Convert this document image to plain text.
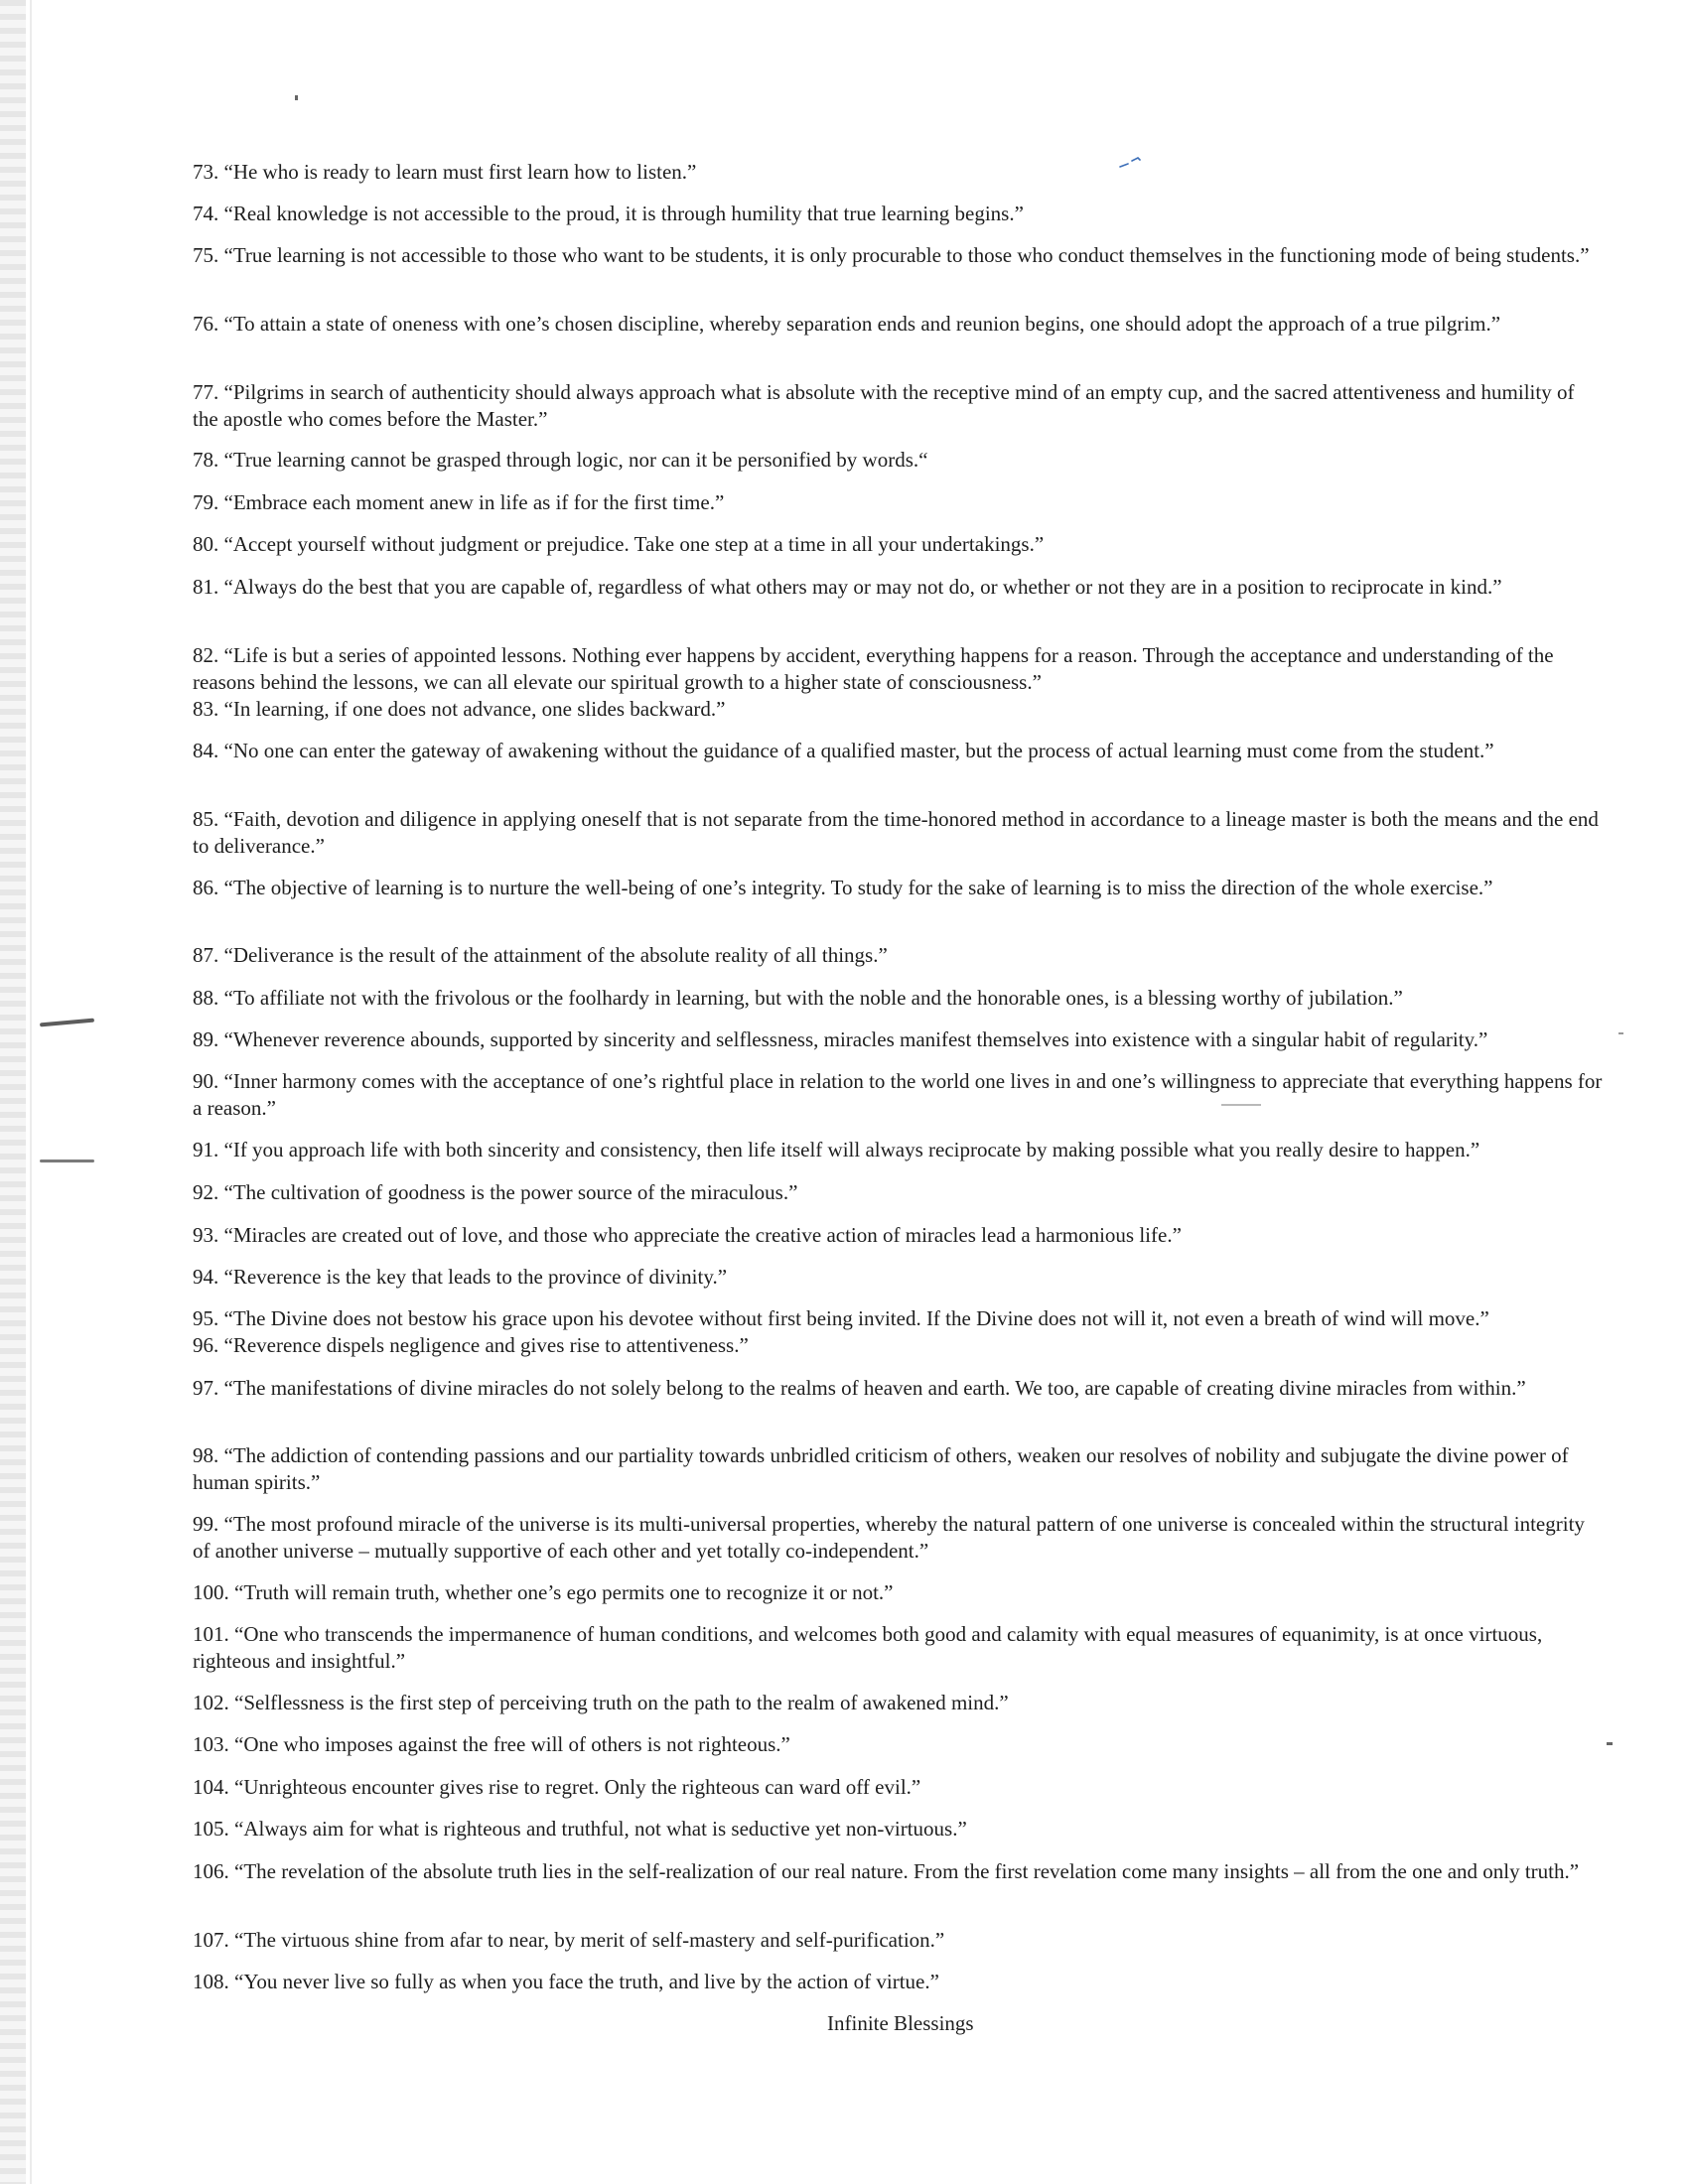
73. “He who is ready to learn must first learn how to listen.”

74. “Real knowledge is not accessible to the proud, it is through humility that true learning begins.”

75. “True learning is not accessible to those who want to be students, it is only procurable to those who conduct themselves in the functioning mode of being students.”

76. “To attain a state of oneness with one’s chosen discipline, whereby separation ends and reunion begins, one should adopt the approach of a true pilgrim.”

77. “Pilgrims in search of authenticity should always approach what is absolute with the receptive mind of an empty cup, and the sacred attentiveness and humility of the apostle who comes before the Master.”

78. “True learning cannot be grasped through logic, nor can it be personified by words.“

79. “Embrace each moment anew in life as if for the first time.”

80. “Accept yourself without judgment or prejudice. Take one step at a time in all your undertakings.”

81. “Always do the best that you are capable of, regardless of what others may or may not do, or whether or not they are in a position to reciprocate in kind.”

82. “Life is but a series of appointed lessons. Nothing ever happens by accident, everything happens for a reason. Through the acceptance and understanding of the reasons behind the lessons, we can all elevate our spiritual growth to a higher state of consciousness.”

83. “In learning, if one does not advance, one slides backward.”

84. “No one can enter the gateway of awakening without the guidance of a qualified master, but the process of actual learning must come from the student.”

85. “Faith, devotion and diligence in applying oneself that is not separate from the time-honored method in accordance to a lineage master is both the means and the end to deliverance.”

86. “The objective of learning is to nurture the well-being of one’s integrity. To study for the sake of learning is to miss the direction of the whole exercise.”

87. “Deliverance is the result of the attainment of the absolute reality of all things.”

88. “To affiliate not with the frivolous or the foolhardy in learning, but with the noble and the honorable ones, is a blessing worthy of jubilation.”

89. “Whenever reverence abounds, supported by sincerity and selflessness, miracles manifest themselves into existence with a singular habit of regularity.”

90. “Inner harmony comes with the acceptance of one’s rightful place in relation to the world one lives in and one’s willingness to appreciate that everything happens for a reason.”

91. “If you approach life with both sincerity and consistency, then life itself will always reciprocate by making possible what you really desire to happen.”

92. “The cultivation of goodness is the power source of the miraculous.”

93. “Miracles are created out of love, and those who appreciate the creative action of miracles lead a harmonious life.”

94. “Reverence is the key that leads to the province of divinity.”

95. “The Divine does not bestow his grace upon his devotee without first being invited. If the Divine does not will it, not even a breath of wind will move.”

96. “Reverence dispels negligence and gives rise to attentiveness.”

97. “The manifestations of divine miracles do not solely belong to the realms of heaven and earth. We too, are capable of creating divine miracles from within.”

98. “The addiction of contending passions and our partiality towards unbridled criticism of others, weaken our resolves of nobility and subjugate the divine power of human spirits.”

99. “The most profound miracle of the universe is its multi-universal properties, whereby the natural pattern of one universe is concealed within the structural integrity of another universe – mutually supportive of each other and yet totally co-independent.”

100. “Truth will remain truth, whether one’s ego permits one to recognize it or not.”

101. “One who transcends the impermanence of human conditions, and welcomes both good and calamity with equal measures of equanimity, is at once virtuous, righteous and insightful.”

102. “Selflessness is the first step of perceiving truth on the path to the realm of awakened mind.”

103. “One who imposes against the free will of others is not righteous.”

104. “Unrighteous encounter gives rise to regret. Only the righteous can ward off evil.”

105. “Always aim for what is righteous and truthful, not what is seductive yet non-virtuous.”

106. “The revelation of the absolute truth lies in the self-realization of our real nature. From the first revelation come many insights – all from the one and only truth.”

107. “The virtuous shine from afar to near, by merit of self-mastery and self-purification.”

108. “You never live so fully as when you face the truth, and live by the action of virtue.”

Infinite Blessings
